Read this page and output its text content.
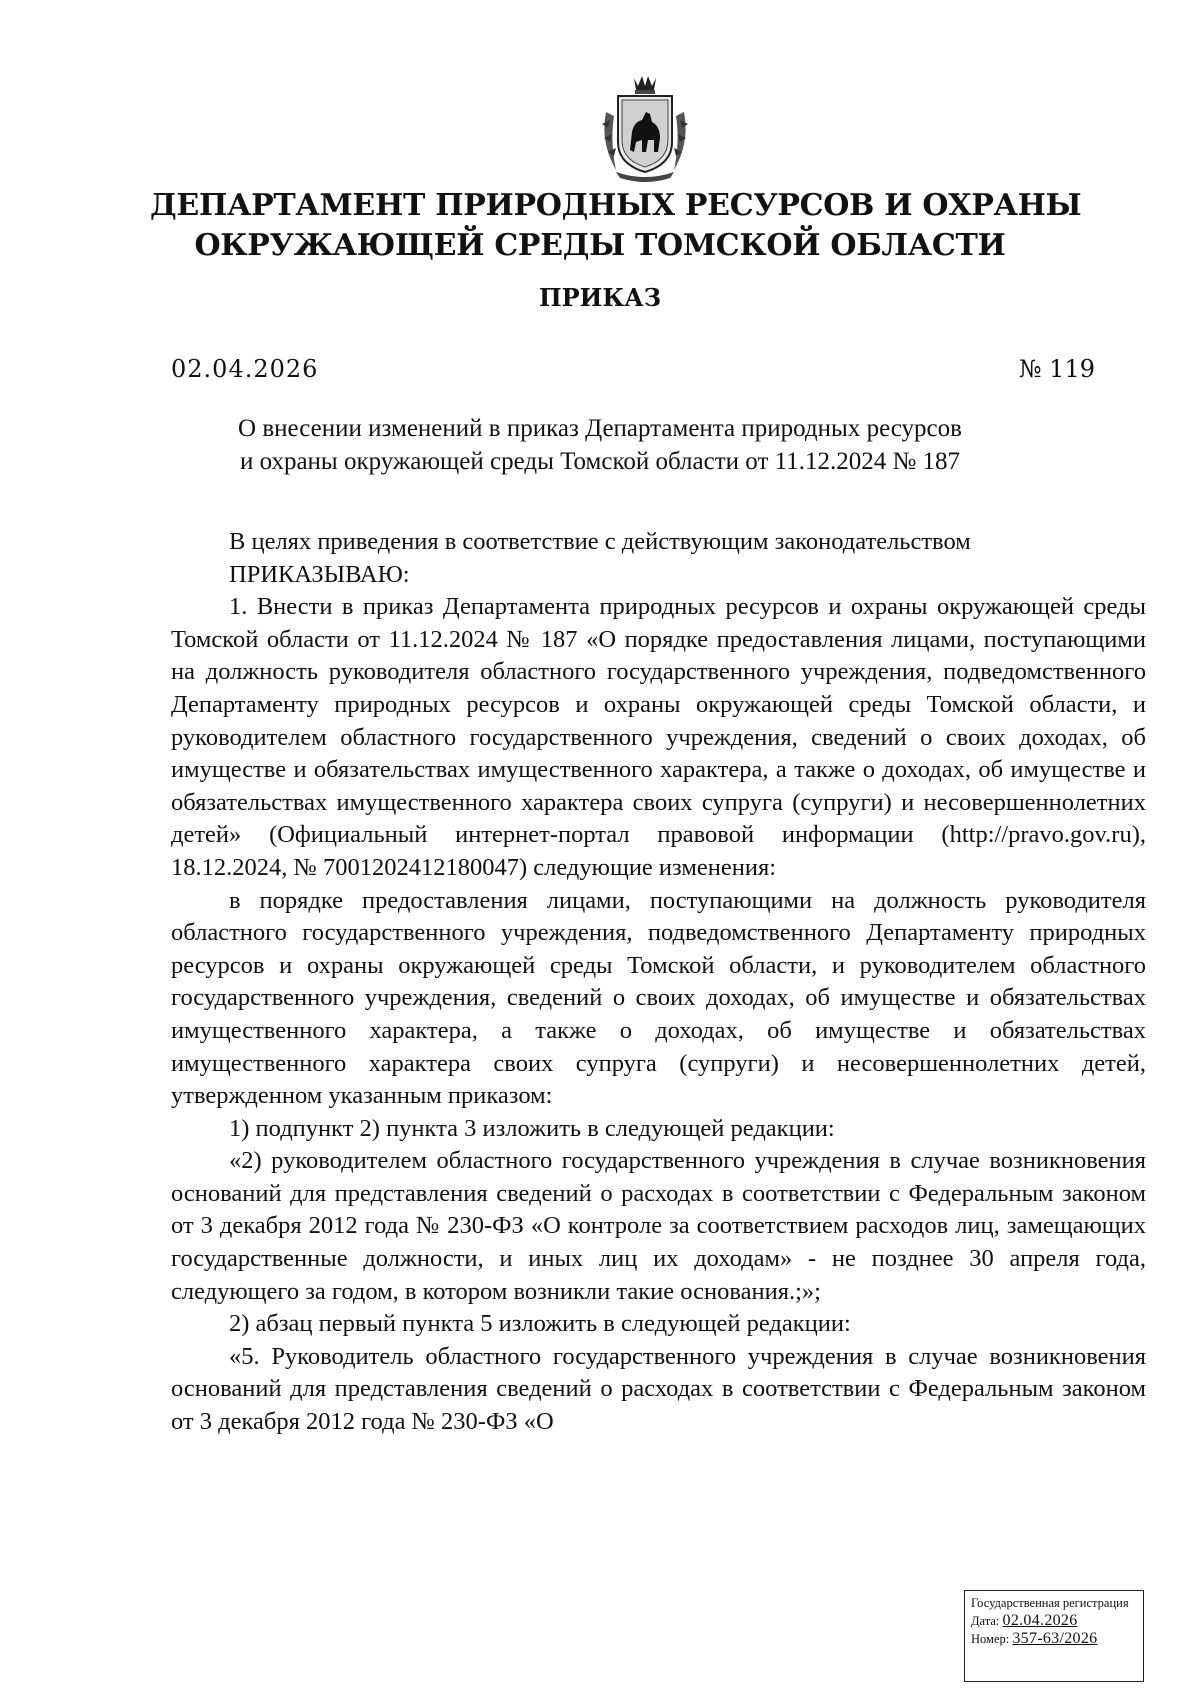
ДЕПАРТАМЕНТ ПРИРОДНЫХ РЕСУРСОВ И ОХРАНЫ
ОКРУЖАЮЩЕЙ СРЕДЫ ТОМСКОЙ ОБЛАСТИ
ПРИКАЗ
02.04.2026	№ 119
О внесении изменений в приказ Департамента природных ресурсов
и охраны окружающей среды Томской области от 11.12.2024 № 187

В целях приведения в соответствие с действующим законодательством

ПРИКАЗЫВАЮ:

1. Внести в приказ Департамента природных ресурсов и охраны окружающей среды Томской области от 11.12.2024 № 187 «О порядке предоставления лицами, поступающими на должность руководителя областного государственного учреждения, подведомственного Департаменту природных ресурсов и охраны окружающей среды Томской области, и руководителем областного государственного учреждения, сведений о своих доходах, об имуществе и обязательствах имущественного характера, а также о доходах, об имуществе и обязательствах имущественного характера своих супруга (супруги) и несовершеннолетних детей» (Официальный интернет-портал правовой информации (http://pravo.gov.ru), 18.12.2024, № 7001202412180047) следующие изменения:

в порядке предоставления лицами, поступающими на должность руководителя областного государственного учреждения, подведомственного Департаменту природных ресурсов и охраны окружающей среды Томской области, и руководителем областного государственного учреждения, сведений о своих доходах, об имуществе и обязательствах имущественного характера, а также о доходах, об имуществе и обязательствах имущественного характера своих супруга (супруги) и несовершеннолетних детей, утвержденном указанным приказом:

1) подпункт 2) пункта 3 изложить в следующей редакции:

«2) руководителем областного государственного учреждения в случае возникновения оснований для представления сведений о расходах в соответствии с Федеральным законом от 3 декабря 2012 года № 230-ФЗ «О контроле за соответствием расходов лиц, замещающих государственные должности, и иных лиц их доходам» - не позднее 30 апреля года, следующего за годом, в котором возникли такие основания.;»;

2) абзац первый пункта 5 изложить в следующей редакции:

«5. Руководитель областного государственного учреждения в случае возникновения оснований для представления сведений о расходах в соответствии с Федеральным законом от 3 декабря 2012 года № 230-ФЗ «О

Государственная регистрация
Дата: 02.04.2026
Номер: 357-63/2026
